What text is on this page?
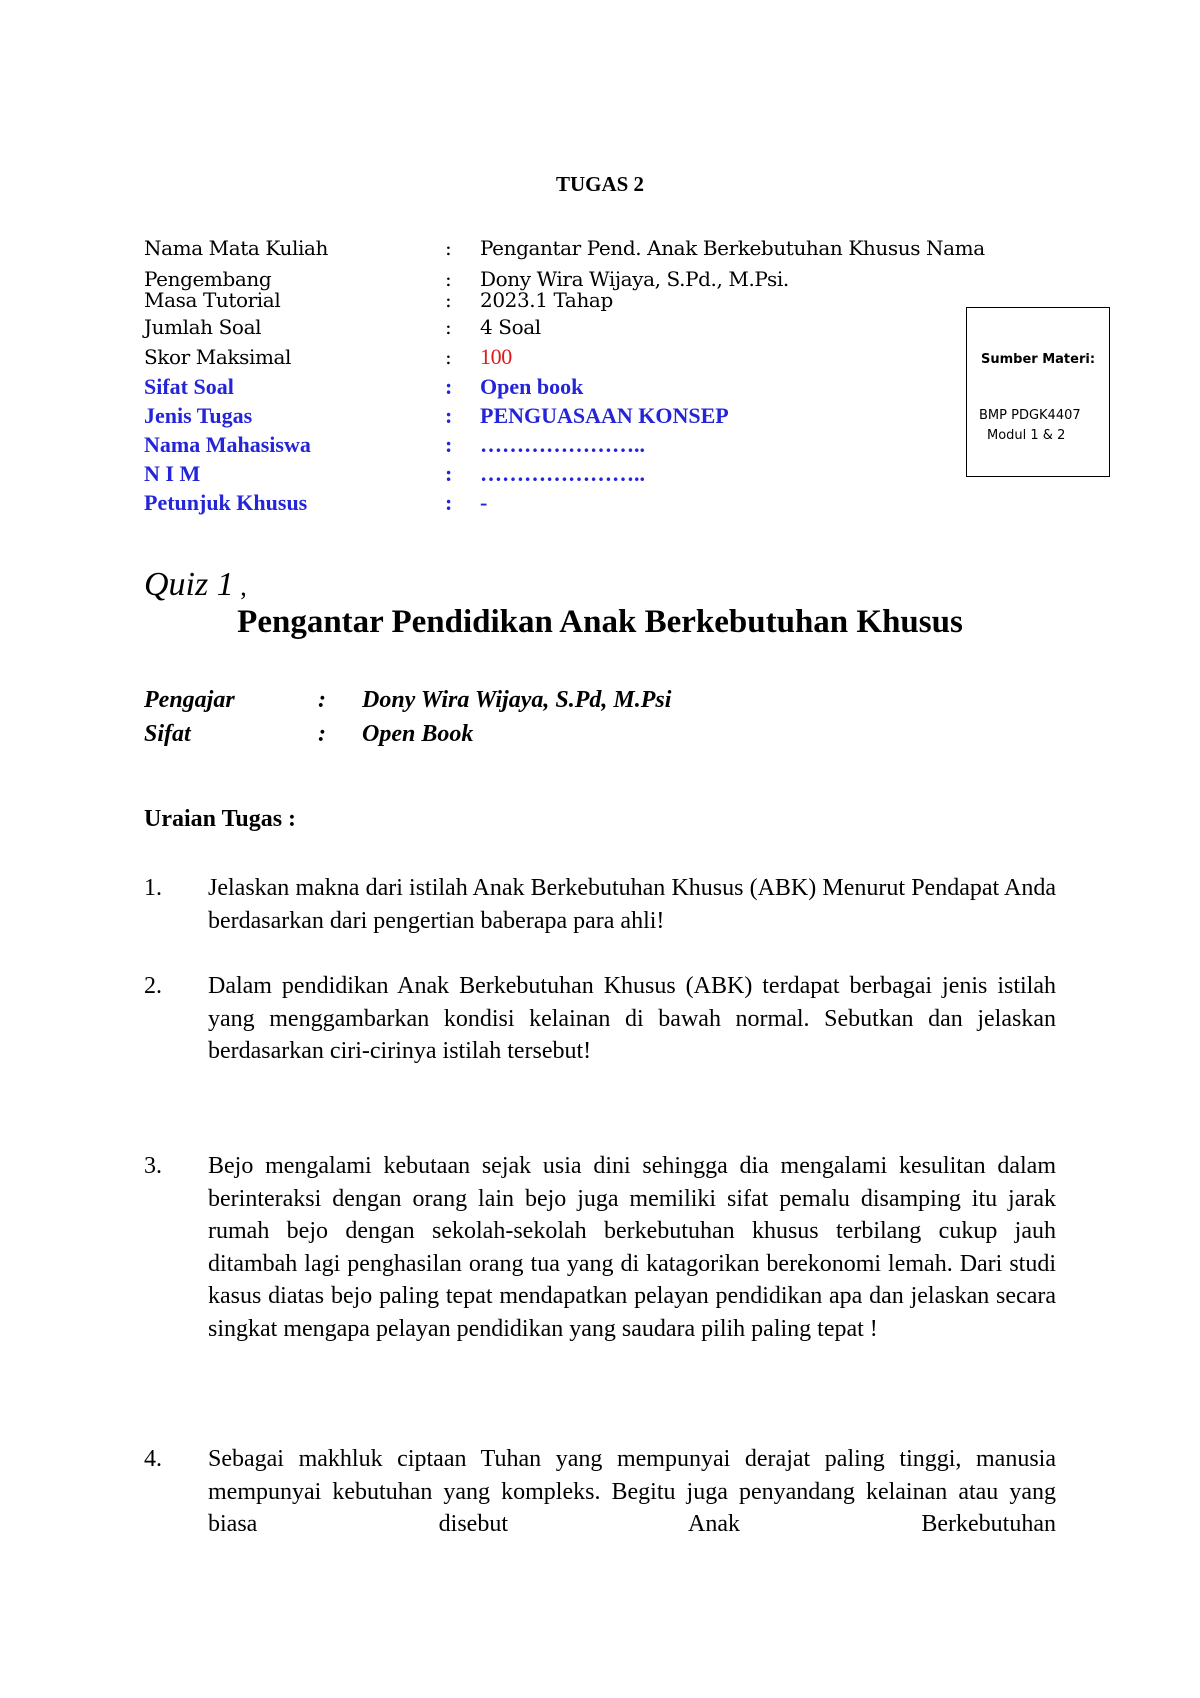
TUGAS 2
Nama Mata Kuliah	: Pengantar Pend. Anak Berkebutuhan Khusus Nama
Pengembang	: Dony Wira Wijaya, S.Pd., M.Psi.
Masa Tutorial	: 2023.1 Tahap
Jumlah Soal	: 4 Soal
Skor Maksimal	: 100
Sifat Soal	: Open book
Jenis Tugas	: PENGUASAAN KONSEP
Nama Mahasiswa	: …………………..
N I M	: …………………..
Petunjuk Khusus	: -
Sumber Materi:
BMP PDGK4407
Modul 1 & 2
Quiz 1 ,
Pengantar Pendidikan Anak Berkebutuhan Khusus
Pengajar	: Dony Wira Wijaya, S.Pd, M.Psi
Sifat	: Open Book
Uraian Tugas :
1. Jelaskan makna dari istilah Anak Berkebutuhan Khusus (ABK) Menurut Pendapat Anda berdasarkan dari pengertian baberapa para ahli!
2. Dalam pendidikan Anak Berkebutuhan Khusus (ABK) terdapat berbagai jenis istilah yang menggambarkan kondisi kelainan di bawah normal. Sebutkan dan jelaskan berdasarkan ciri-cirinya istilah tersebut!
3. Bejo mengalami kebutaan sejak usia dini sehingga dia mengalami kesulitan dalam berinteraksi dengan orang lain bejo juga memiliki sifat pemalu disamping itu jarak rumah bejo dengan sekolah-sekolah berkebutuhan khusus terbilang cukup jauh ditambah lagi penghasilan orang tua yang di katagorikan berekonomi lemah. Dari studi kasus diatas bejo paling tepat mendapatkan pelayan pendidikan apa dan jelaskan secara singkat mengapa pelayan pendidikan yang saudara pilih paling tepat !
4. Sebagai makhluk ciptaan Tuhan yang mempunyai derajat paling tinggi, manusia mempunyai kebutuhan yang kompleks. Begitu juga penyandang kelainan atau yang biasa disebut Anak Berkebutuhan
